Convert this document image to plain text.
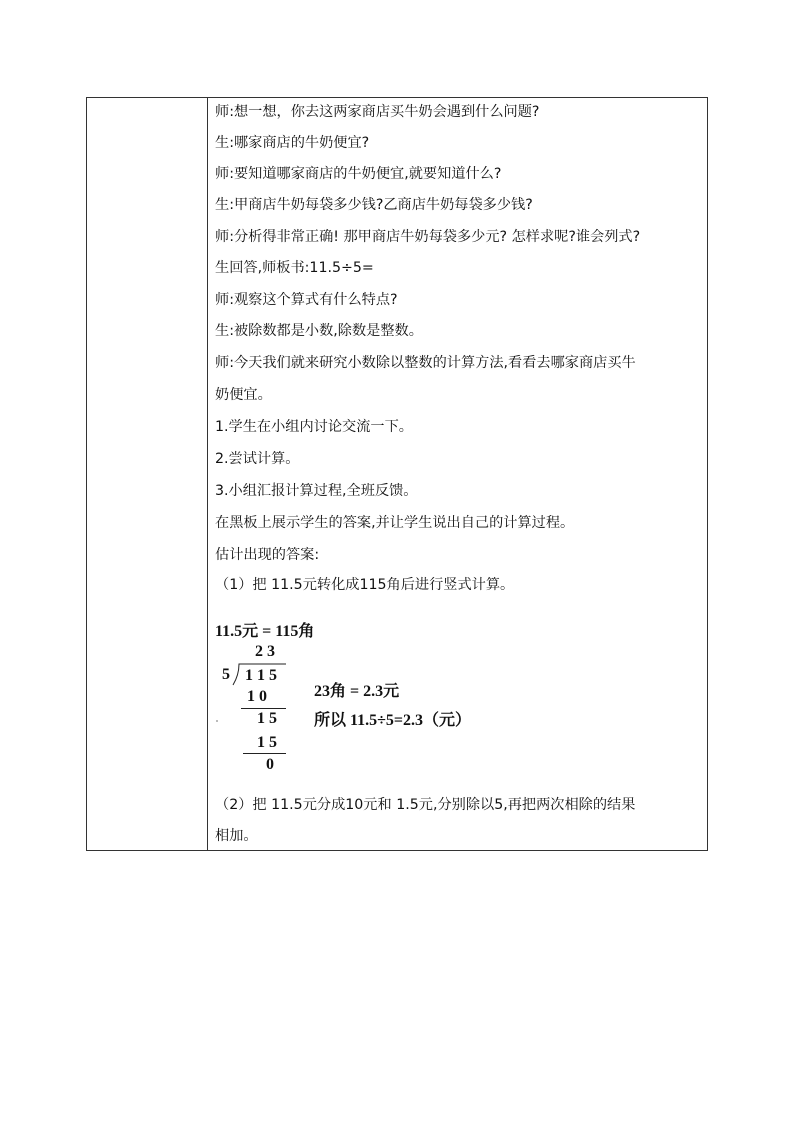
师:想一想，你去这两家商店买牛奶会遇到什么问题?
生:哪家商店的牛奶便宜?
师:要知道哪家商店的牛奶便宜,就要知道什么?
生:甲商店牛奶每袋多少钱?乙商店牛奶每袋多少钱?
师:分析得非常正确! 那甲商店牛奶每袋多少元? 怎样求呢?谁会列式?
生回答,师板书:11.5÷5=
师:观察这个算式有什么特点?
生:被除数都是小数,除数是整数。
师:今天我们就来研究小数除以整数的计算方法,看看去哪家商店买牛
奶便宜。
1.学生在小组内讨论交流一下。
2.尝试计算。
3.小组汇报计算过程,全班反馈。
在黑板上展示学生的答案,并让学生说出自己的计算过程。
估计出现的答案:
（1）把 11.5元转化成115角后进行竖式计算。
11.5元 = 115角
2 3
5 1 1 5
1 0
1 5
1 5
0
23角 = 2.3元
所以 11.5÷5=2.3（元）
（2）把 11.5元分成10元和 1.5元,分别除以5,再把两次相除的结果
相加。
